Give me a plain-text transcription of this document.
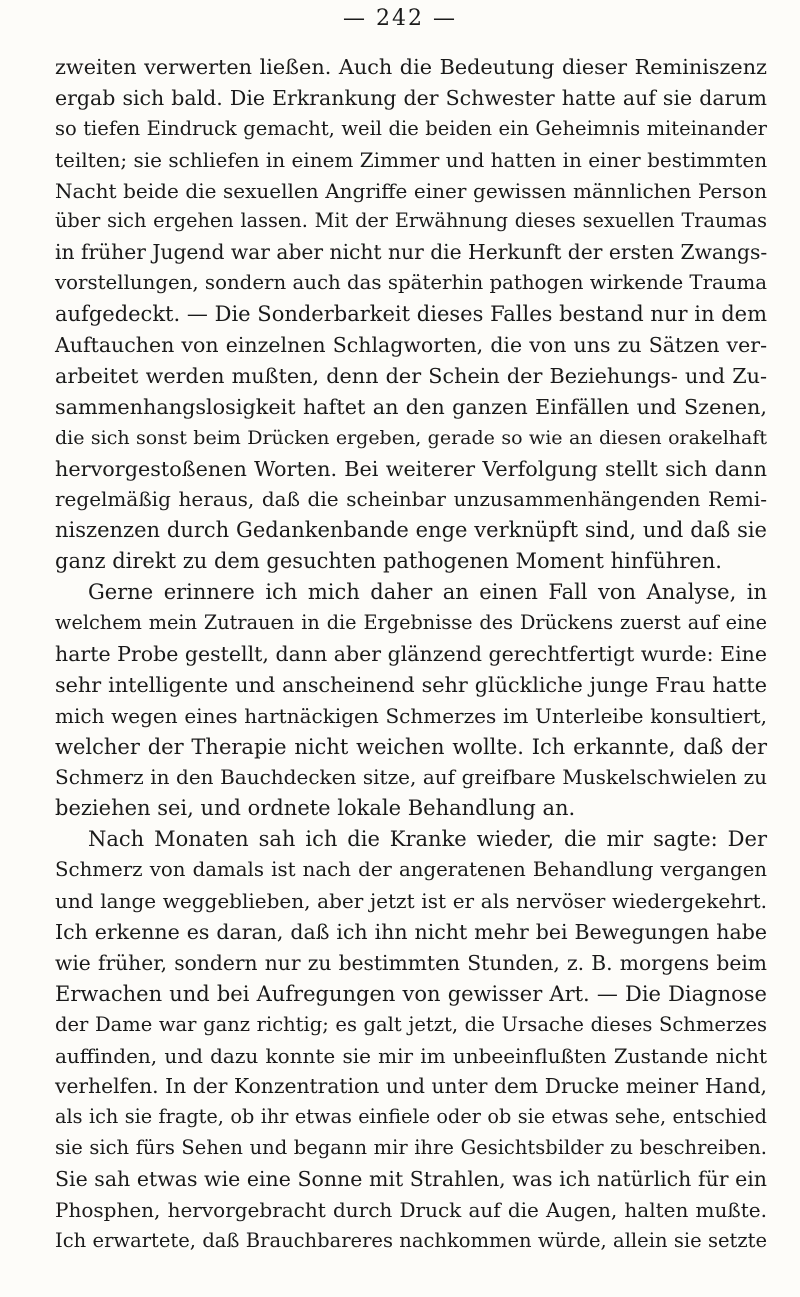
— 242 —

zweiten verwerten ließen. Auch die Bedeutung dieser Reminiszenz
ergab sich bald. Die Erkrankung der Schwester hatte auf sie darum
so tiefen Eindruck gemacht, weil die beiden ein Geheimnis miteinander
teilten; sie schliefen in einem Zimmer und hatten in einer bestimmten
Nacht beide die sexuellen Angriffe einer gewissen männlichen Person
über sich ergehen lassen. Mit der Erwähnung dieses sexuellen Traumas
in früher Jugend war aber nicht nur die Herkunft der ersten Zwangs-
vorstellungen, sondern auch das späterhin pathogen wirkende Trauma
aufgedeckt. — Die Sonderbarkeit dieses Falles bestand nur in dem
Auftauchen von einzelnen Schlagworten, die von uns zu Sätzen ver-
arbeitet werden mußten, denn der Schein der Beziehungs- und Zu-
sammenhangslosigkeit haftet an den ganzen Einfällen und Szenen,
die sich sonst beim Drücken ergeben, gerade so wie an diesen orakelhaft
hervorgestoßenen Worten. Bei weiterer Verfolgung stellt sich dann
regelmäßig heraus, daß die scheinbar unzusammenhängenden Remi-
niszenzen durch Gedankenbande enge verknüpft sind, und daß sie
ganz direkt zu dem gesuchten pathogenen Moment hinführen.
Gerne erinnere ich mich daher an einen Fall von Analyse, in
welchem mein Zutrauen in die Ergebnisse des Drückens zuerst auf eine
harte Probe gestellt, dann aber glänzend gerechtfertigt wurde: Eine
sehr intelligente und anscheinend sehr glückliche junge Frau hatte
mich wegen eines hartnäckigen Schmerzes im Unterleibe konsultiert,
welcher der Therapie nicht weichen wollte. Ich erkannte, daß der
Schmerz in den Bauchdecken sitze, auf greifbare Muskelschwielen zu
beziehen sei, und ordnete lokale Behandlung an.
Nach Monaten sah ich die Kranke wieder, die mir sagte: Der
Schmerz von damals ist nach der angeratenen Behandlung vergangen
und lange weggeblieben, aber jetzt ist er als nervöser wiedergekehrt.
Ich erkenne es daran, daß ich ihn nicht mehr bei Bewegungen habe
wie früher, sondern nur zu bestimmten Stunden, z. B. morgens beim
Erwachen und bei Aufregungen von gewisser Art. — Die Diagnose
der Dame war ganz richtig; es galt jetzt, die Ursache dieses Schmerzes
auffinden, und dazu konnte sie mir im unbeeinflußten Zustande nicht
verhelfen. In der Konzentration und unter dem Drucke meiner Hand,
als ich sie fragte, ob ihr etwas einfiele oder ob sie etwas sehe, entschied
sie sich fürs Sehen und begann mir ihre Gesichtsbilder zu beschreiben.
Sie sah etwas wie eine Sonne mit Strahlen, was ich natürlich für ein
Phosphen, hervorgebracht durch Druck auf die Augen, halten mußte.
Ich erwartete, daß Brauchbareres nachkommen würde, allein sie setzte
